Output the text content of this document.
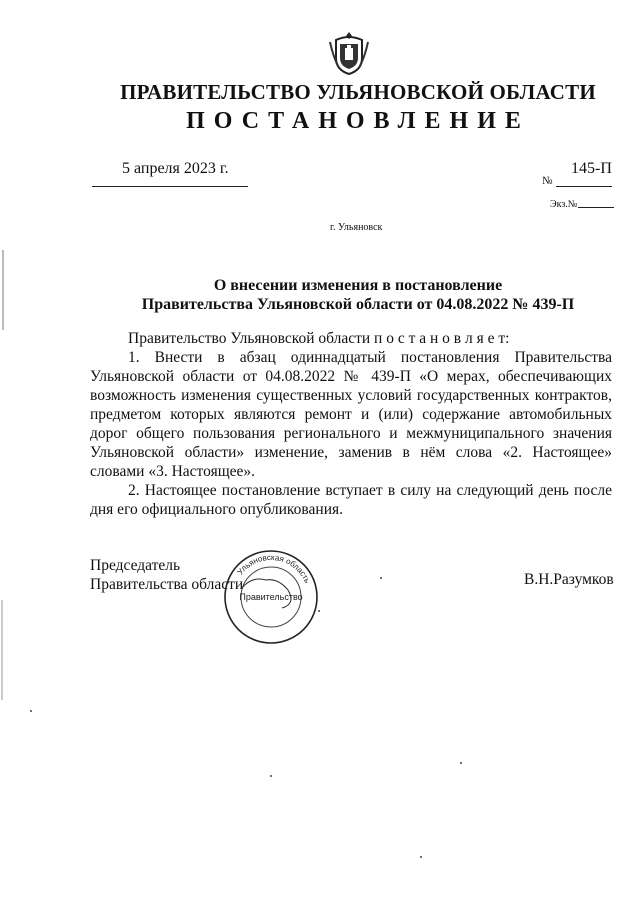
ПРАВИТЕЛЬСТВО УЛЬЯНОВСКОЙ ОБЛАСТИ
ПОСТАНОВЛЕНИЕ
5 апреля 2023 г.	145-П
№
Экз.№
г. Ульяновск
О внесении изменения в постановление
Правительства Ульяновской области от 04.08.2022 № 439-П

Правительство Ульяновской области п о с т а н о в л я е т:

1. Внести в абзац одиннадцатый постановления Правительства Ульяновской области от 04.08.2022 № 439-П «О мерах, обеспечивающих возможность изменения существенных условий государственных контрактов, предметом которых являются ремонт и (или) содержание автомобильных дорог общего пользования регионального и межмуниципального значения Ульяновской области» изменение, заменив в нём слова «2. Настоящее» словами «3. Настоящее».

2. Настоящее постановление вступает в силу на следующий день после дня его официального опубликования.

Председатель
Правительства области	В.Н.Разумков
Ульяновская область
Правительство
